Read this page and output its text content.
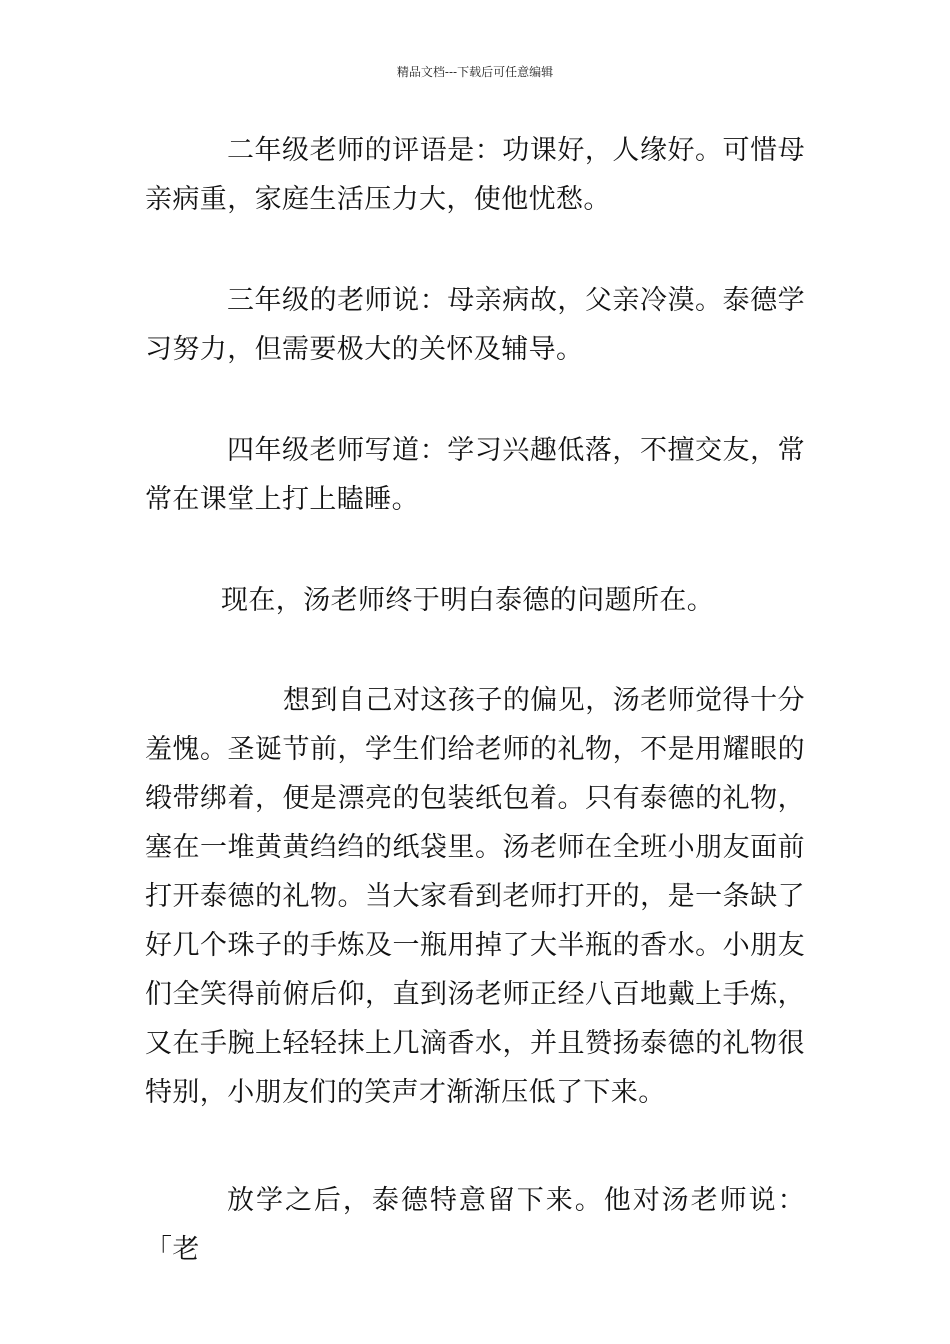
精品文档---下载后可任意编辑

二年级老师的评语是：功课好，人缘好。可惜母亲病重，家庭生活压力大，使他忧愁。

三年级的老师说：母亲病故，父亲冷漠。泰德学习努力，但需要极大的关怀及辅导。

四年级老师写道：学习兴趣低落，不擅交友，常常在课堂上打上瞌睡。

现在，汤老师终于明白泰德的问题所在。

想到自己对这孩子的偏见，汤老师觉得十分羞愧。圣诞节前，学生们给老师的礼物，不是用耀眼的缎带绑着，便是漂亮的包装纸包着。只有泰德的礼物，塞在一堆黄黄绉绉的纸袋里。汤老师在全班小朋友面前打开泰德的礼物。当大家看到老师打开的，是一条缺了好几个珠子的手炼及一瓶用掉了大半瓶的香水。小朋友们全笑得前俯后仰，直到汤老师正经八百地戴上手炼，又在手腕上轻轻抹上几滴香水，并且赞扬泰德的礼物很特别，小朋友们的笑声才渐渐压低了下来。

放学之后，泰德特意留下来。他对汤老师说：「老
